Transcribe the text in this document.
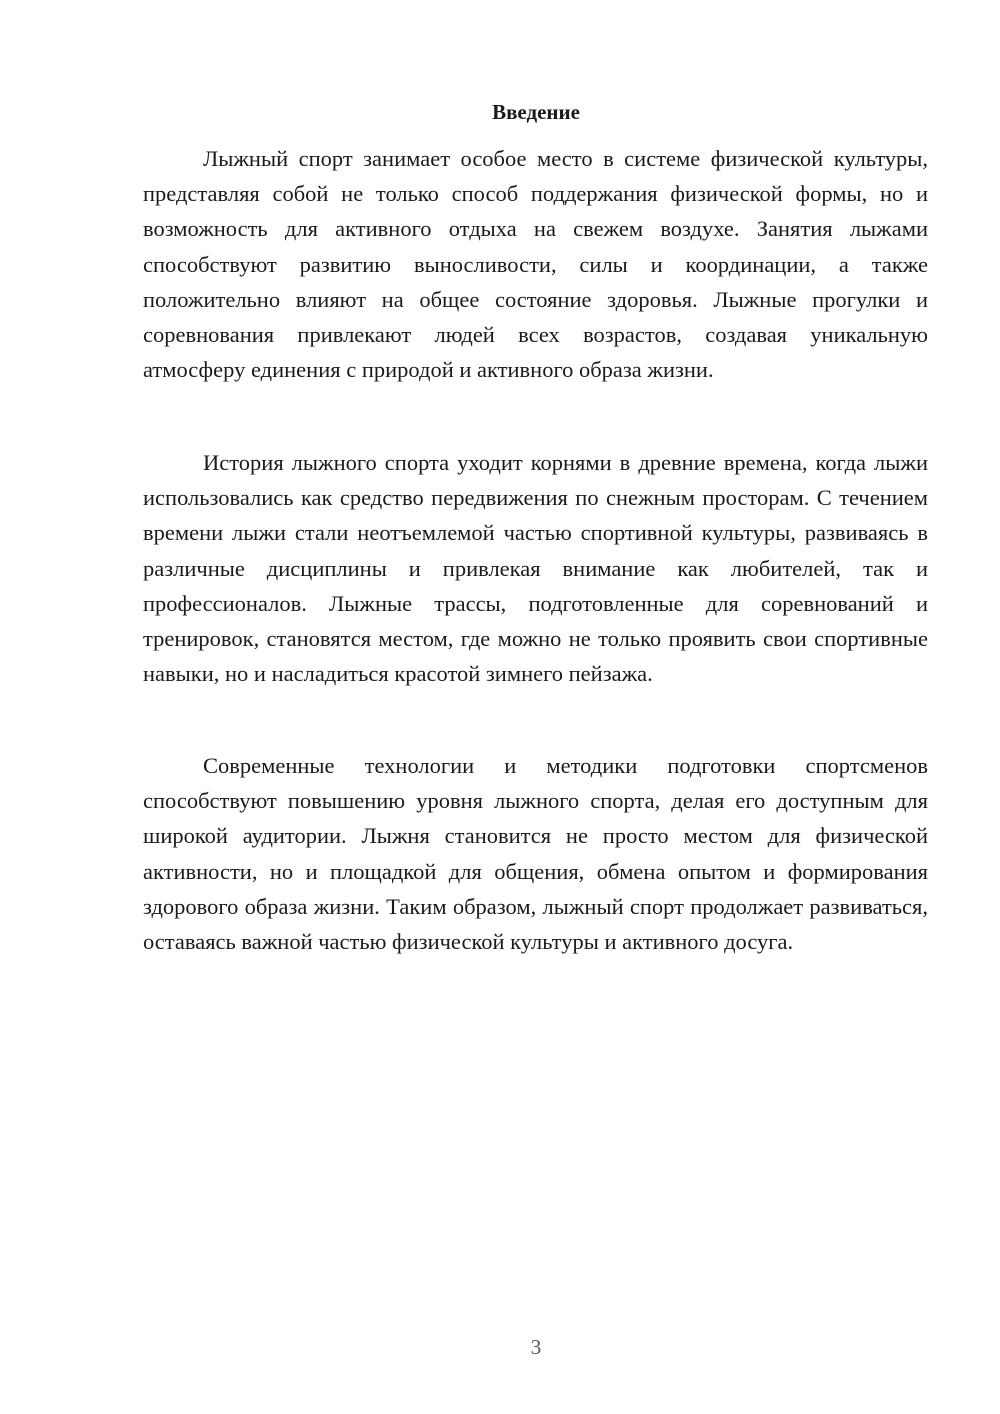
Введение

Лыжный спорт занимает особое место в системе физической культуры, представляя собой не только способ поддержания физической формы, но и возможность для активного отдыха на свежем воздухе. Занятия лыжами способствуют развитию выносливости, силы и координации, а также положительно влияют на общее состояние здоровья. Лыжные прогулки и соревнования привлекают людей всех возрастов, создавая уникальную атмосферу единения с природой и активного образа жизни.

История лыжного спорта уходит корнями в древние времена, когда лыжи использовались как средство передвижения по снежным просторам. С течением времени лыжи стали неотъемлемой частью спортивной культуры, развиваясь в различные дисциплины и привлекая внимание как любителей, так и профессионалов. Лыжные трассы, подготовленные для соревнований и тренировок, становятся местом, где можно не только проявить свои спортивные навыки, но и насладиться красотой зимнего пейзажа.

Современные технологии и методики подготовки спортсменов способствуют повышению уровня лыжного спорта, делая его доступным для широкой аудитории. Лыжня становится не просто местом для физической активности, но и площадкой для общения, обмена опытом и формирования здорового образа жизни. Таким образом, лыжный спорт продолжает развиваться, оставаясь важной частью физической культуры и активного досуга.

3
